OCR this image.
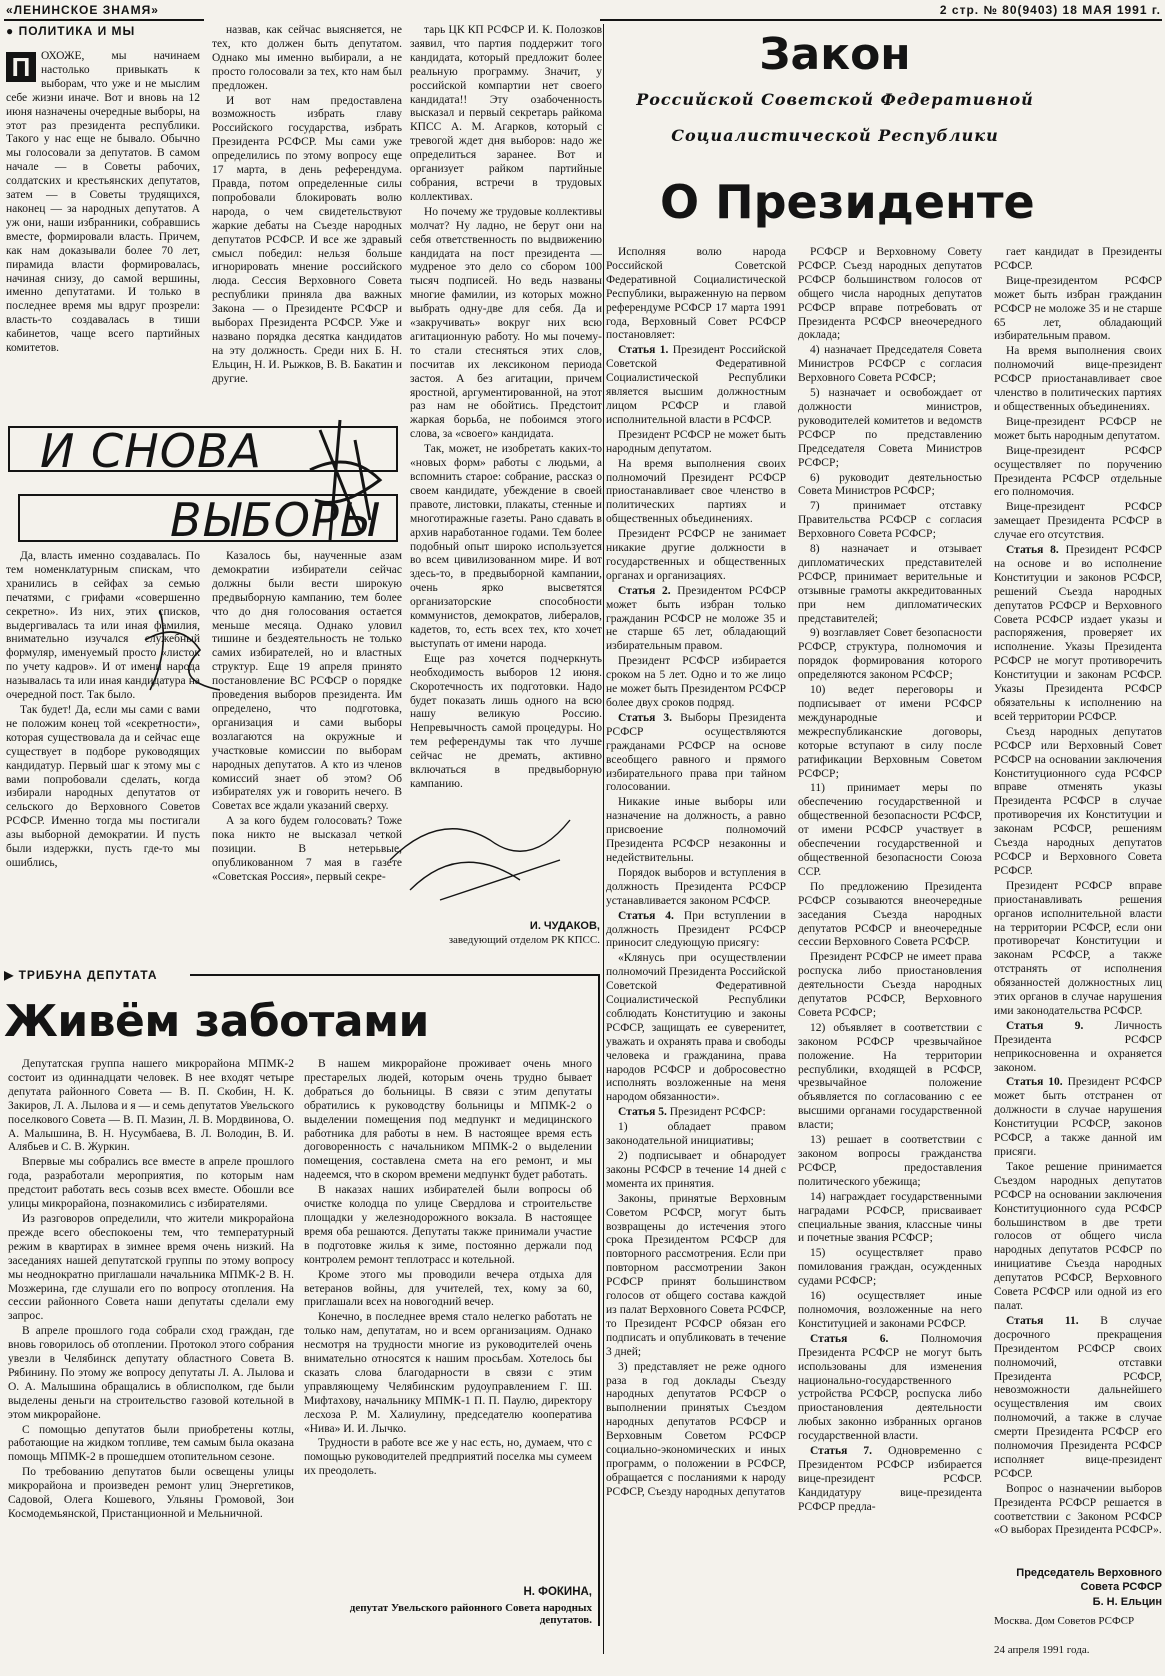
«ЛЕНИНСКОЕ ЗНАМЯ»	2 стр. № 80(9403) 18 МАЯ 1991 г.
● ПОЛИТИКА И МЫ
П ОХОЖЕ, мы начинаем настолько привыкать к выборам, что уже и не мыслим себе жизни иначе. Вот и вновь на 12 июня назначены очередные выборы, на этот раз президента республики. Такого у нас еще не бывало. Обычно мы голосовали за депутатов. В самом начале — в Советы рабочих, солдатских и крестьянских депутатов, затем — в Советы трудящихся, наконец — за народных депутатов. А уж они, наши избранники, собравшись вместе, формировали власть. Причем, как нам доказывали более 70 лет, пирамида власти формировалась, начиная снизу, до самой вершины, именно депутатами. И только в последнее время мы вдруг прозрели: власть-то создавалась в тиши кабинетов, чаще всего партийных комитетов.
И СНОВА
ВЫБОРЫ

Да, власть именно создавалась. По тем номенклатурным спискам, что хранились в сейфах за семью печатями, с грифами «совершенно секретно». Из них, этих списков, выдергивалась та или иная фамилия, внимательно изучался служебный формуляр, именуемый просто «листок по учету кадров». И от имени народа называлась та или иная кандидатура на очередной пост. Так было.

Так будет! Да, если мы сами с вами не положим конец той «секретности», которая существовала да и сейчас еще существует в подборе руководящих кандидатур. Первый шаг к этому мы с вами попробовали сделать, когда избирали народных депутатов от сельского до Верховного Советов РСФСР. Именно тогда мы постигали азы выборной демократии. И пусть были издержки, пусть где-то мы ошиблись,

назвав, как сейчас выясняется, не тех, кто должен быть депутатом. Однако мы именно выбирали, а не просто голосовали за тех, кто нам был предложен.

И вот нам предоставлена возможность избрать главу Российского государства, избрать Президента РСФСР. Мы сами уже определились по этому вопросу еще 17 марта, в день референдума. Правда, потом определенные силы попробовали блокировать волю народа, о чем свидетельствуют жаркие дебаты на Съезде народных депутатов РСФСР. И все же здравый смысл победил: нельзя больше игнорировать мнение российского люда. Сессия Верховного Совета республики приняла два важных Закона — о Президенте РСФСР и выборах Президента РСФСР. Уже и названо порядка десятка кандидатов на эту должность. Среди них Б. Н. Ельцин, Н. И. Рыжков, В. В. Бакатин и другие.

Казалось бы, наученные азам демократии избиратели сейчас должны были вести широкую предвыборную кампанию, тем более что до дня голосования остается меньше месяца. Однако уловил тишине и бездеятельность не только самих избирателей, но и властных структур. Еще 19 апреля принято постановление ВС РСФСР о порядке проведения выборов президента. Им определено, что подготовка, организация и сами выборы возлагаются на окружные и участковые комиссии по выборам народных депутатов. А кто из членов комиссий знает об этом? Об избирателях уж и говорить нечего. В Советах все ждали указаний сверху.

А за кого будем голосовать? Тоже пока никто не высказал четкой позиции. В нетерьвые, опубликованном 7 мая в газете «Советская Россия», первый секре-

тарь ЦК КП РСФСР И. К. Полозков заявил, что партия поддержит того кандидата, который предложит более реальную программу. Значит, у российской компартии нет своего кандидата!! Эту озабоченность высказал и первый секретарь райкома КПСС А. М. Агарков, который с тревогой ждет дня выборов: надо же определиться заранее. Вот и организует райком партийные собрания, встречи в трудовых коллективах.

Но почему же трудовые коллективы молчат? Ну ладно, не берут они на себя ответственность по выдвижению кандидата на пост президента — мудреное это дело со сбором 100 тысяч подписей. Но ведь названы многие фамилии, из которых можно выбрать одну-две для себя. Да и «закручивать» вокруг них всю агитационную работу. Но мы почему-то стали стесняться этих слов, посчитав их лексиконом периода застоя. А без агитации, причем яростной, аргументированной, на этот раз нам не обойтись. Предстоит жаркая борьба, не побоимся этого слова, за «своего» кандидата.

Так, может, не изобретать каких-то «новых форм» работы с людьми, а вспомнить старое: собрание, рассказ о своем кандидате, убеждение в своей правоте, листовки, плакаты, стенные и многотиражные газеты. Рано сдавать в архив наработанное годами. Тем более подобный опыт широко используется во всем цивилизованном мире. И вот здесь-то, в предвыборной кампании, очень ярко высветятся организаторские способности коммунистов, демократов, либералов, кадетов, то, есть всех тех, кто хочет выступать от имени народа.

Еще раз хочется подчеркнуть необходимость выборов 12 июня. Скоротечность их подготовки. Надо будет показать лишь одного на всю нашу великую Россию. Непревычность самой процедуры. Но тем референдумы так что лучше сейчас не дремать, активно включаться в предвыборную кампанию.

И. ЧУДАКОВ,
заведующий отделом РК КПСС.
▶ ТРИБУНА ДЕПУТАТА
Живём заботами

Депутатская группа нашего микрорайона МПМК-2 состоит из одиннадцати человек. В нее входят четыре депутата районного Совета — В. П. Скобин, Н. К. Закиров, Л. А. Лылова и я — и семь депутатов Увельского поселкового Совета — В. П. Мазин, Л. В. Мордвинова, О. А. Малышина, В. Н. Нусумбаева, В. Л. Володин, В. И. Алябьев и С. В. Журкин.

Впервые мы собрались все вместе в апреле прошлого года, разработали мероприятия, по которым нам предстоит работать весь созыв всех вместе. Обошли все улицы микрорайона, познакомились с избирателями.

Из разговоров определили, что жители микрорайона прежде всего обеспокоены тем, что температурный режим в квартирах в зимнее время очень низкий. На заседаниях нашей депутатской группы по этому вопросу мы неоднократно приглашали начальника МПМК-2 В. Н. Мозжерина, где слушали его по вопросу отопления. На сессии районного Совета наши депутаты сделали ему запрос.

В апреле прошлого года собрали сход граждан, где вновь говорилось об отоплении. Протокол этого собрания увезли в Челябинск депутату областного Совета В. Рябинину. По этому же вопросу депутаты Л. А. Лылова и О. А. Малышина обращались в облисполком, где были выделены деньги на строительство газовой котельной в этом микрорайоне.

С помощью депутатов были приобретены котлы, работающие на жидком топливе, тем самым была оказана помощь МПМК-2 в прошедшем отопительном сезоне.

По требованию депутатов были освещены улицы микрорайона и произведен ремонт улиц Энергетиков, Садовой, Олега Кошевого, Ульяны Громовой, Зои Космодемьянской, Пристанционной и Мельничной.

В нашем микрорайоне проживает очень много престарелых людей, которым очень трудно бывает добраться до больницы. В связи с этим депутаты обратились к руководству больницы и МПМК-2 о выделении помещения под медпункт и медицинского работника для работы в нем. В настоящее время есть договоренность с начальником МПМК-2 о выделении помещения, составлена смета на его ремонт, и мы надеемся, что в скором времени медпункт будет работать.

В наказах наших избирателей были вопросы об очистке колодца по улице Свердлова и строительстве площадки у железнодорожного вокзала. В настоящее время оба решаются. Депутаты также принимали участие в подготовке жилья к зиме, постоянно держали под контролем ремонт теплотрасс и котельной.

Кроме этого мы проводили вечера отдыха для ветеранов войны, для учителей, тех, кому за 60, приглашали всех на новогодний вечер.

Конечно, в последнее время стало нелегко работать не только нам, депутатам, но и всем организациям. Однако несмотря на трудности многие из руководителей очень внимательно относятся к нашим просьбам. Хотелось бы сказать слова благодарности в связи с этим управляющему Челябинским рудоуправлением Г. Ш. Мифтахову, начальнику МПМК-1 П. П. Паулю, директору лесхоза Р. М. Халиулину, председателю кооператива «Нива» И. И. Лычко.

Трудности в работе все же у нас есть, но, думаем, что с помощью руководителей предприятий поселка мы сумеем их преодолеть.

Н. ФОКИНА,
депутат Увельского районного Совета народных депутатов.
Закон
Российской Советской Федеративной
Социалистической Республики
О Президенте

Исполняя волю народа Российской Советской Федеративной Социалистической Республики, выраженную на первом референдуме РСФСР 17 марта 1991 года, Верховный Совет РСФСР постановляет:

Статья 1. Президент Российской Советской Федеративной Социалистической Республики является высшим должностным лицом РСФСР и главой исполнительной власти в РСФСР.

Президент РСФСР не может быть народным депутатом.

На время выполнения своих полномочий Президент РСФСР приостанавливает свое членство в политических партиях и общественных объединениях.

Президент РСФСР не занимает никакие другие должности в государственных и общественных органах и организациях.

Статья 2. Президентом РСФСР может быть избран только гражданин РСФСР не моложе 35 и не старше 65 лет, обладающий избирательным правом.

Президент РСФСР избирается сроком на 5 лет. Одно и то же лицо не может быть Президентом РСФСР более двух сроков подряд.

Статья 3. Выборы Президента РСФСР осуществляются гражданами РСФСР на основе всеобщего равного и прямого избирательного права при тайном голосовании.

Никакие иные выборы или назначение на должность, а равно присвоение полномочий Президента РСФСР незаконны и недействительны.

Порядок выборов и вступления в должность Президента РСФСР устанавливается законом РСФСР.

Статья 4. При вступлении в должность Президент РСФСР приносит следующую присягу:

«Клянусь при осуществлении полномочий Президента Российской Советской Федеративной Социалистической Республики соблюдать Конституцию и законы РСФСР, защищать ее суверенитет, уважать и охранять права и свободы человека и гражданина, права народов РСФСР и добросовестно исполнять возложенные на меня народом обязанности».

Статья 5. Президент РСФСР:

1) обладает правом законодательной инициативы;

2) подписывает и обнародует законы РСФСР в течение 14 дней с момента их принятия.

Законы, принятые Верховным Советом РСФСР, могут быть возвращены до истечения этого срока Президентом РСФСР для повторного рассмотрения. Если при повторном рассмотрении Закон РСФСР принят большинством голосов от общего состава каждой из палат Верховного Совета РСФСР, то Президент РСФСР обязан его подписать и опубликовать в течение 3 дней;

3) представляет не реже одного раза в год доклады Съезду народных депутатов РСФСР о выполнении принятых Съездом народных депутатов РСФСР и Верховным Советом РСФСР социально-экономических и иных программ, о положении в РСФСР, обращается с посланиями к народу РСФСР, Съезду народных депутатов

РСФСР и Верховному Совету РСФСР. Съезд народных депутатов РСФСР большинством голосов от общего числа народных депутатов РСФСР вправе потребовать от Президента РСФСР внеочередного доклада;

4) назначает Председателя Совета Министров РСФСР с согласия Верховного Совета РСФСР;

5) назначает и освобождает от должности министров, руководителей комитетов и ведомств РСФСР по представлению Председателя Совета Министров РСФСР;

6) руководит деятельностью Совета Министров РСФСР;

7) принимает отставку Правительства РСФСР с согласия Верховного Совета РСФСР;

8) назначает и отзывает дипломатических представителей РСФСР, принимает верительные и отзывные грамоты аккредитованных при нем дипломатических представителей;

9) возглавляет Совет безопасности РСФСР, структура, полномочия и порядок формирования которого определяются законом РСФСР;

10) ведет переговоры и подписывает от имени РСФСР международные и межреспубликанские договоры, которые вступают в силу после ратификации Верховным Советом РСФСР;

11) принимает меры по обеспечению государственной и общественной безопасности РСФСР, от имени РСФСР участвует в обеспечении государственной и общественной безопасности Союза ССР.

По предложению Президента РСФСР созываются внеочередные заседания Съезда народных депутатов РСФСР и внеочередные сессии Верховного Совета РСФСР.

Президент РСФСР не имеет права роспуска либо приостановления деятельности Съезда народных депутатов РСФСР, Верховного Совета РСФСР;

12) объявляет в соответствии с законом РСФСР чрезвычайное положение. На территории республики, входящей в РСФСР, чрезвычайное положение объявляется по согласованию с ее высшими органами государственной власти;

13) решает в соответствии с законом вопросы гражданства РСФСР, предоставления политического убежища;

14) награждает государственными наградами РСФСР, присваивает специальные звания, классные чины и почетные звания РСФСР;

15) осуществляет право помилования граждан, осужденных судами РСФСР;

16) осуществляет иные полномочия, возложенные на него Конституцией и законами РСФСР.

Статья 6. Полномочия Президента РСФСР не могут быть использованы для изменения национально-государственного устройства РСФСР, роспуска либо приостановления деятельности любых законно избранных органов государственной власти.

Статья 7. Одновременно с Президентом РСФСР избирается вице-президент РСФСР. Кандидатуру вице-президента РСФСР предла-

гает кандидат в Президенты РСФСР.

Вице-президентом РСФСР может быть избран гражданин РСФСР не моложе 35 и не старше 65 лет, обладающий избирательным правом.

На время выполнения своих полномочий вице-президент РСФСР приостанавливает свое членство в политических партиях и общественных объединениях.

Вице-президент РСФСР не может быть народным депутатом.

Вице-президент РСФСР осуществляет по поручению Президента РСФСР отдельные его полномочия.

Вице-президент РСФСР замещает Президента РСФСР в случае его отсутствия.

Статья 8. Президент РСФСР на основе и во исполнение Конституции и законов РСФСР, решений Съезда народных депутатов РСФСР и Верховного Совета РСФСР издает указы и распоряжения, проверяет их исполнение. Указы Президента РСФСР не могут противоречить Конституции и законам РСФСР. Указы Президента РСФСР обязательны к исполнению на всей территории РСФСР.

Съезд народных депутатов РСФСР или Верховный Совет РСФСР на основании заключения Конституционного суда РСФСР вправе отменять указы Президента РСФСР в случае противоречия их Конституции и законам РСФСР, решениям Съезда народных депутатов РСФСР и Верховного Совета РСФСР.

Президент РСФСР вправе приостанавливать решения органов исполнительной власти на территории РСФСР, если они противоречат Конституции и законам РСФСР, а также отстранять от исполнения обязанностей должностных лиц этих органов в случае нарушения ими законодательства РСФСР.

Статья 9. Личность Президента РСФСР неприкосновенна и охраняется законом.

Статья 10. Президент РСФСР может быть отстранен от должности в случае нарушения Конституции РСФСР, законов РСФСР, а также данной им присяги.

Такое решение принимается Съездом народных депутатов РСФСР на основании заключения Конституционного суда РСФСР большинством в две трети голосов от общего числа народных депутатов РСФСР по инициативе Съезда народных депутатов РСФСР, Верховного Совета РСФСР или одной из его палат.

Статья 11. В случае досрочного прекращения Президентом РСФСР своих полномочий, отставки Президента РСФСР, невозможности дальнейшего осуществления им своих полномочий, а также в случае смерти Президента РСФСР его полномочия Президента РСФСР исполняет вице-президент РСФСР.

Вопрос о назначении выборов Президента РСФСР решается в соответствии с Законом РСФСР «О выборах Президента РСФСР».

Председатель Верховного Совета РСФСР
Б. Н. Ельцин
Москва. Дом Советов РСФСР
24 апреля 1991 года.
